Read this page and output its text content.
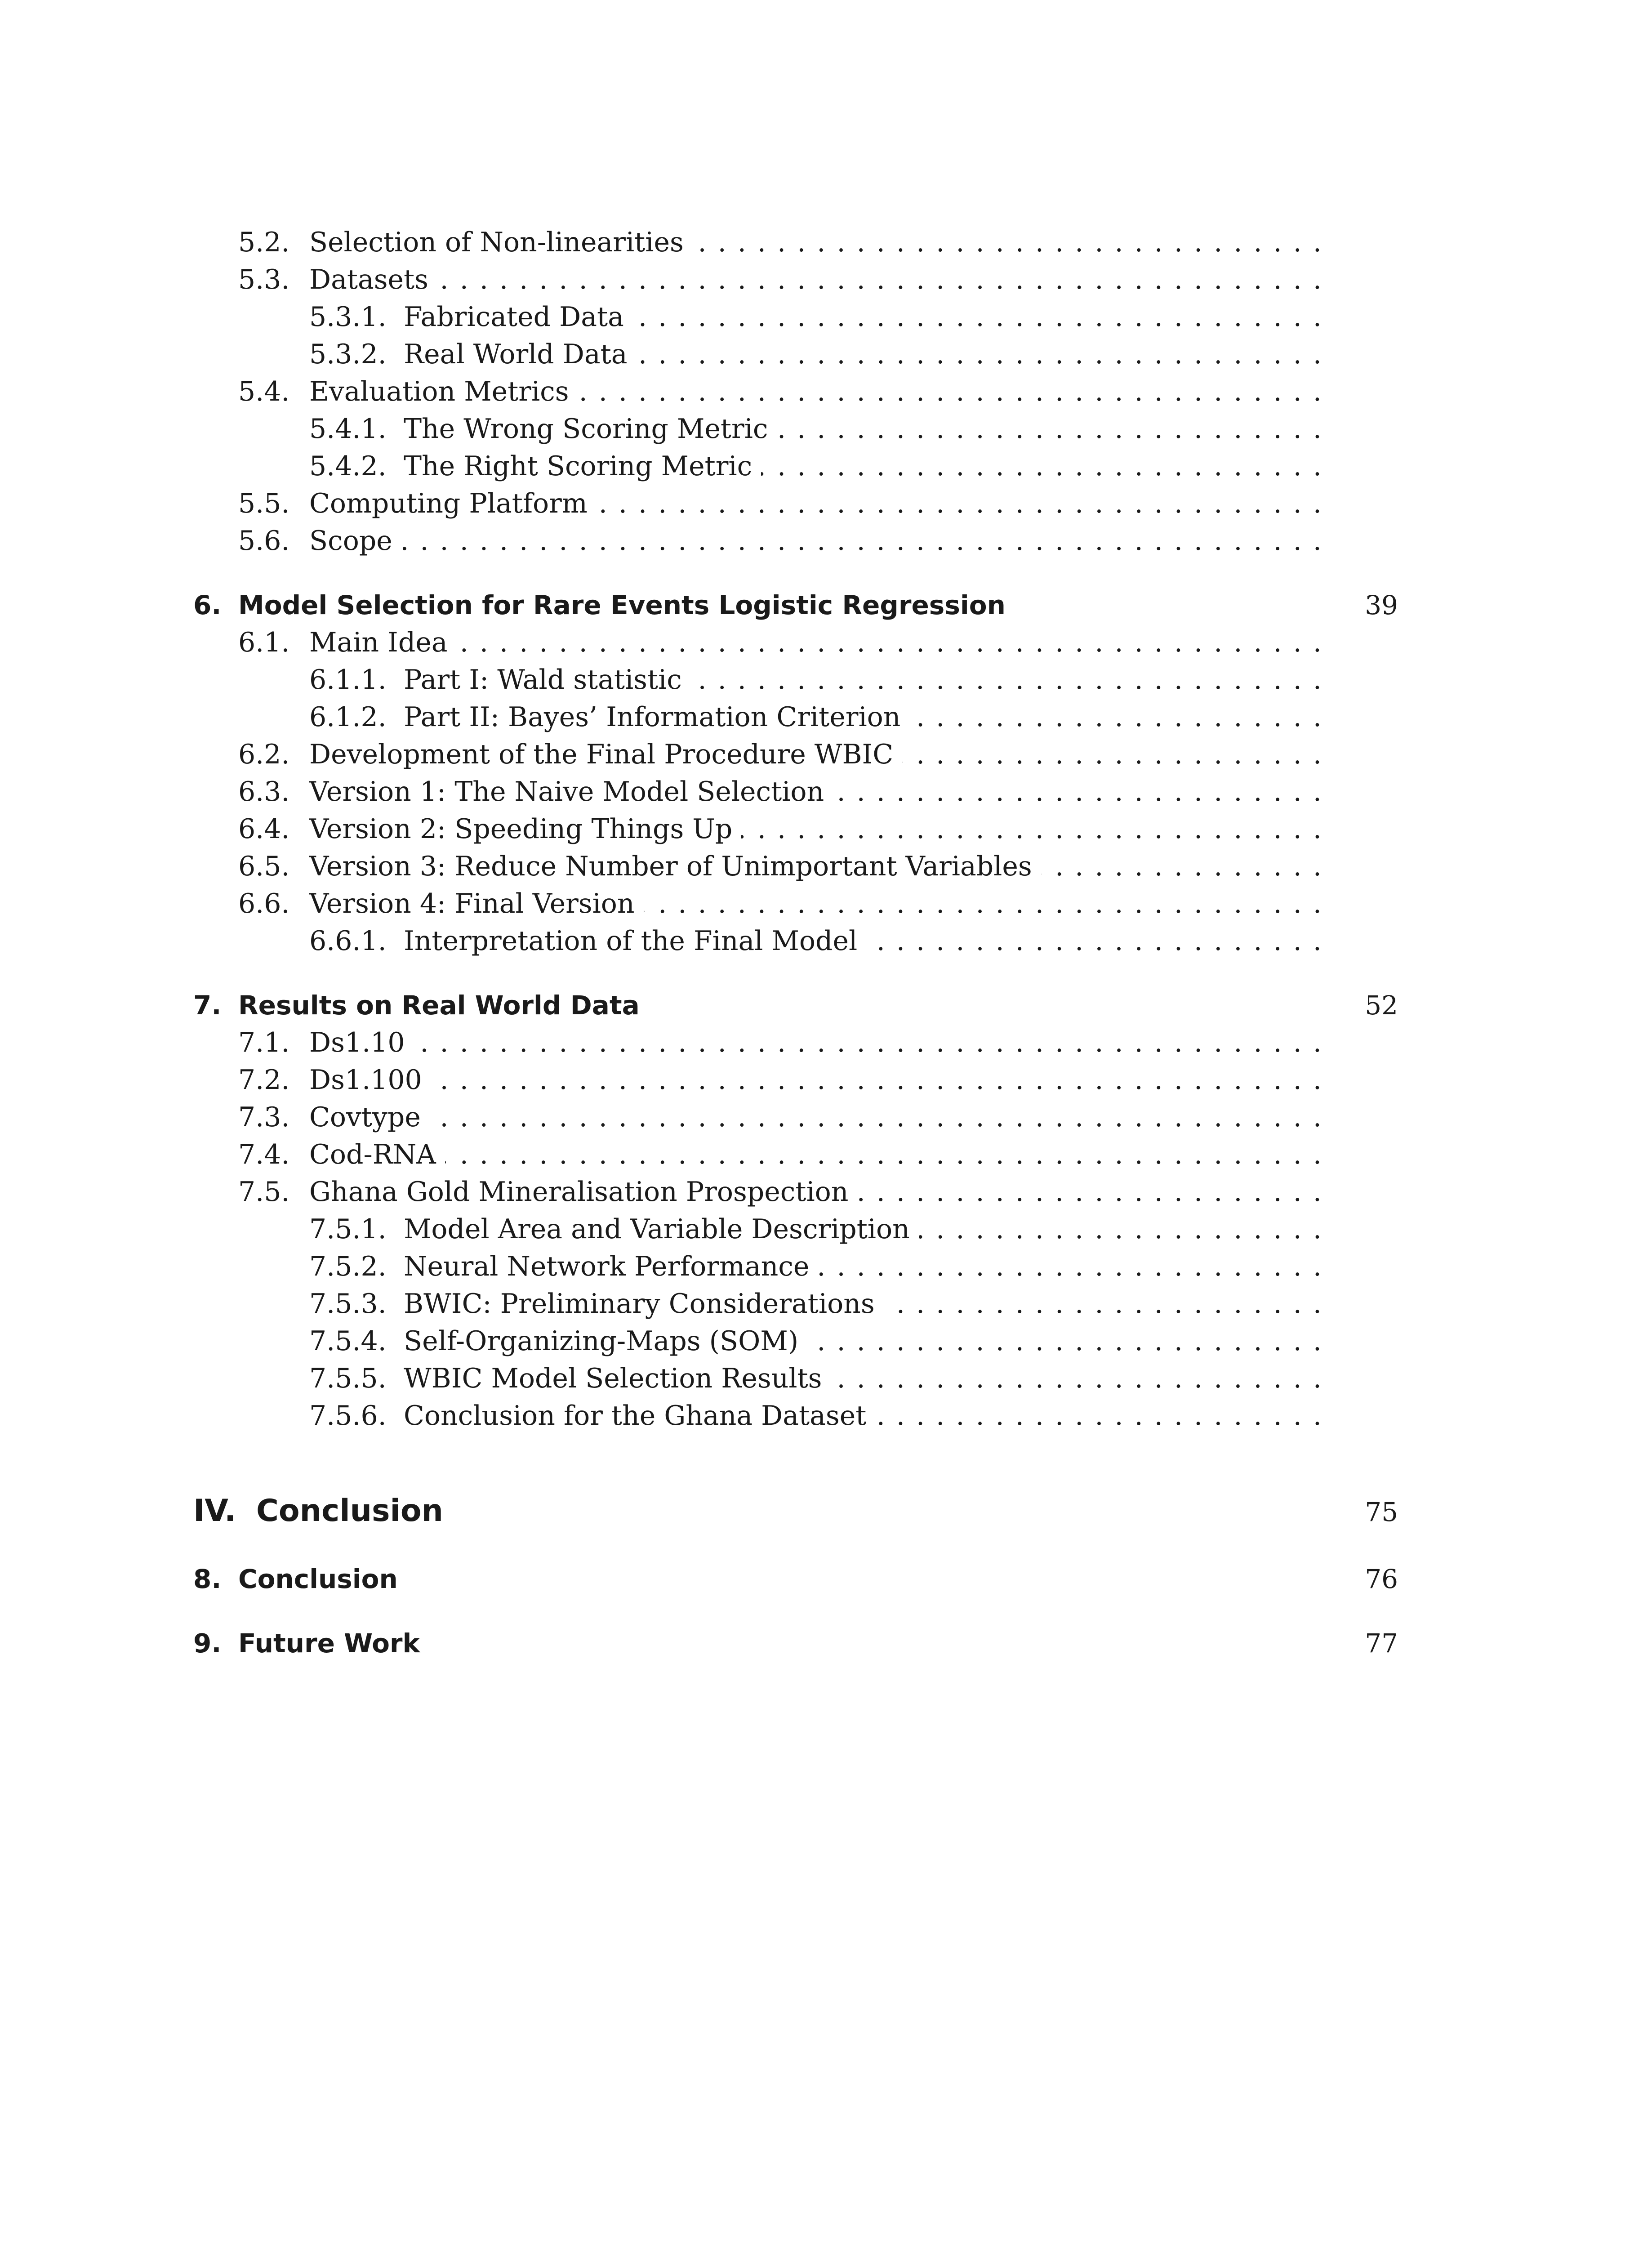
5.2. Selection of Non-linearities
. . .
5.3. Datasets
. . .
5.3.1. Fabricated Data
. . .
5.3.2. Real World Data
. . .
5.4. Evaluation Metrics
. . .
5.4.1. The Wrong Scoring Metric
. . .
5.4.2. The Right Scoring Metric
. . .
5.5. Computing Platform
. . .
5.6. Scope
. . .
6. Model Selection for Rare Events Logistic Regression	39
6.1. Main Idea
. . .
6.1.1. Part I: Wald statistic
. . .
6.1.2. Part II: Bayes’ Information Criterion
. . .
6.2. Development of the Final Procedure WBIC
. . .
6.3. Version 1: The Naive Model Selection
. . .
6.4. Version 2: Speeding Things Up
. . .
6.5. Version 3: Reduce Number of Unimportant Variables
. . .
6.6. Version 4: Final Version
. . .
6.6.1. Interpretation of the Final Model
. . .
7. Results on Real World Data	52
7.1. Ds1.10
. . .
7.2. Ds1.100
. . .
7.3. Covtype
. . .
7.4. Cod-RNA
. . .
7.5. Ghana Gold Mineralisation Prospection
. . .
7.5.1. Model Area and Variable Description
. . .
7.5.2. Neural Network Performance
. . .
7.5.3. BWIC: Preliminary Considerations
. . .
7.5.4. Self-Organizing-Maps (SOM)
. . .
7.5.5. WBIC Model Selection Results
. . .
7.5.6. Conclusion for the Ghana Dataset
. . .
IV. Conclusion	75
8. Conclusion	76
9. Future Work	77
